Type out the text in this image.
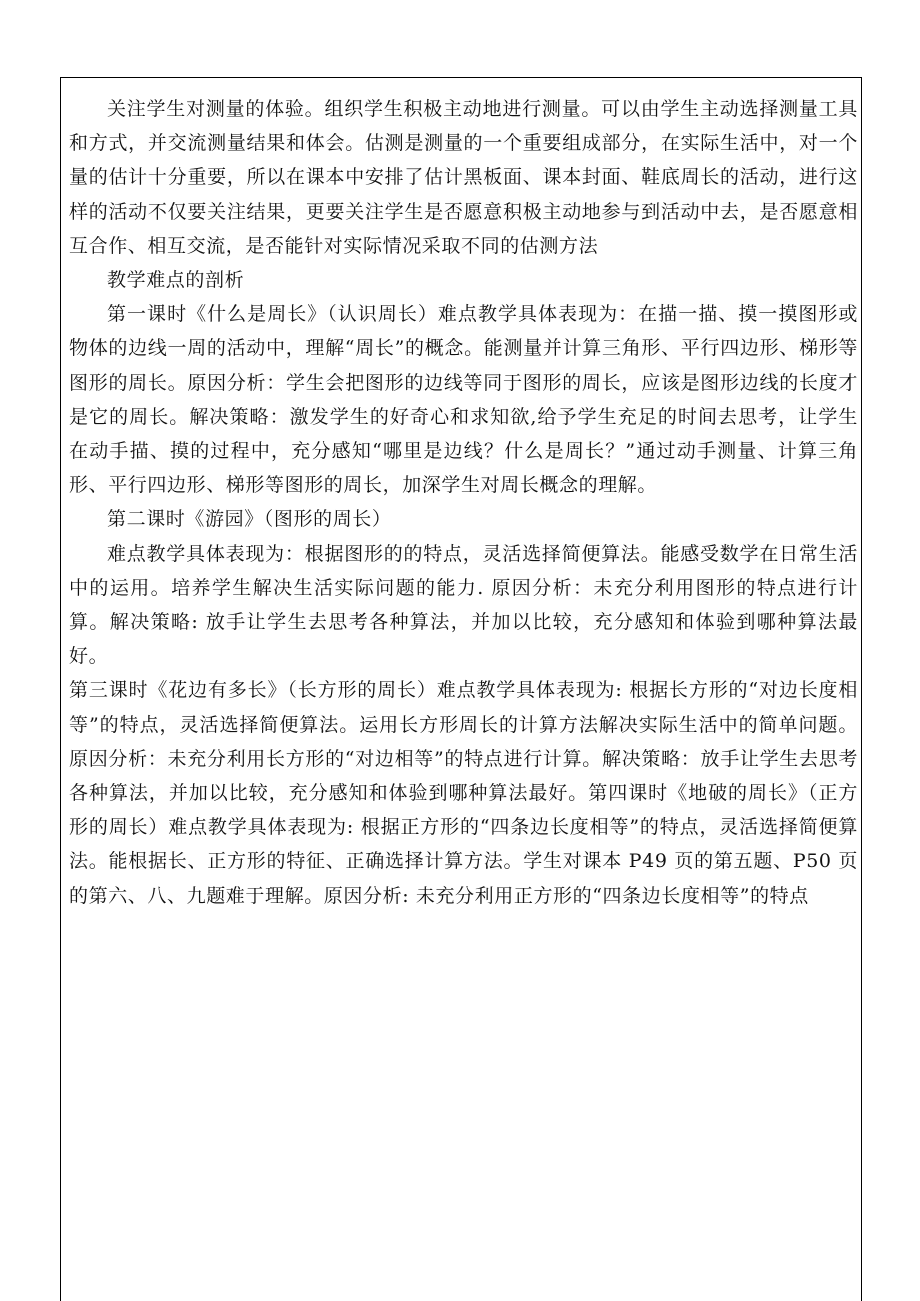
关注学生对测量的体验。组织学生积极主动地进行测量。可以由学生主动选择测量工具和方式，并交流测量结果和体会。估测是测量的一个重要组成部分，在实际生活中，对一个量的估计十分重要，所以在课本中安排了估计黑板面、课本封面、鞋底周长的活动，进行这样的活动不仅要关注结果，更要关注学生是否愿意积极主动地参与到活动中去，是否愿意相互合作、相互交流，是否能针对实际情况采取不同的估测方法

教学难点的剖析

第一课时《什么是周长》（认识周长）难点教学具体表现为：在描一描、摸一摸图形或物体的边线一周的活动中，理解“周长”的概念。能测量并计算三角形、平行四边形、梯形等图形的周长。原因分析：学生会把图形的边线等同于图形的周长，应该是图形边线的长度才是它的周长。解决策略：激发学生的好奇心和求知欲,给予学生充足的时间去思考，让学生在动手描、摸的过程中，充分感知“哪里是边线？什么是周长？”通过动手测量、计算三角形、平行四边形、梯形等图形的周长，加深学生对周长概念的理解。

第二课时《游园》（图形的周长）

难点教学具体表现为：根据图形的的特点，灵活选择简便算法。能感受数学在日常生活中的运用。培养学生解决生活实际问题的能力. 原因分析：未充分利用图形的特点进行计算。解决策略: 放手让学生去思考各种算法，并加以比较，充分感知和体验到哪种算法最好。

第三课时《花边有多长》（长方形的周长）难点教学具体表现为: 根据长方形的“对边长度相等”的特点，灵活选择简便算法。运用长方形周长的计算方法解决实际生活中的简单问题。原因分析：未充分利用长方形的“对边相等”的特点进行计算。解决策略：放手让学生去思考各种算法，并加以比较，充分感知和体验到哪种算法最好。第四课时《地破的周长》（正方形的周长）难点教学具体表现为: 根据正方形的“四条边长度相等”的特点，灵活选择简便算法。能根据长、正方形的特征、正确选择计算方法。学生对课本 P49 页的第五题、P50 页的第六、八、九题难于理解。原因分析: 未充分利用正方形的“四条边长度相等”的特点
